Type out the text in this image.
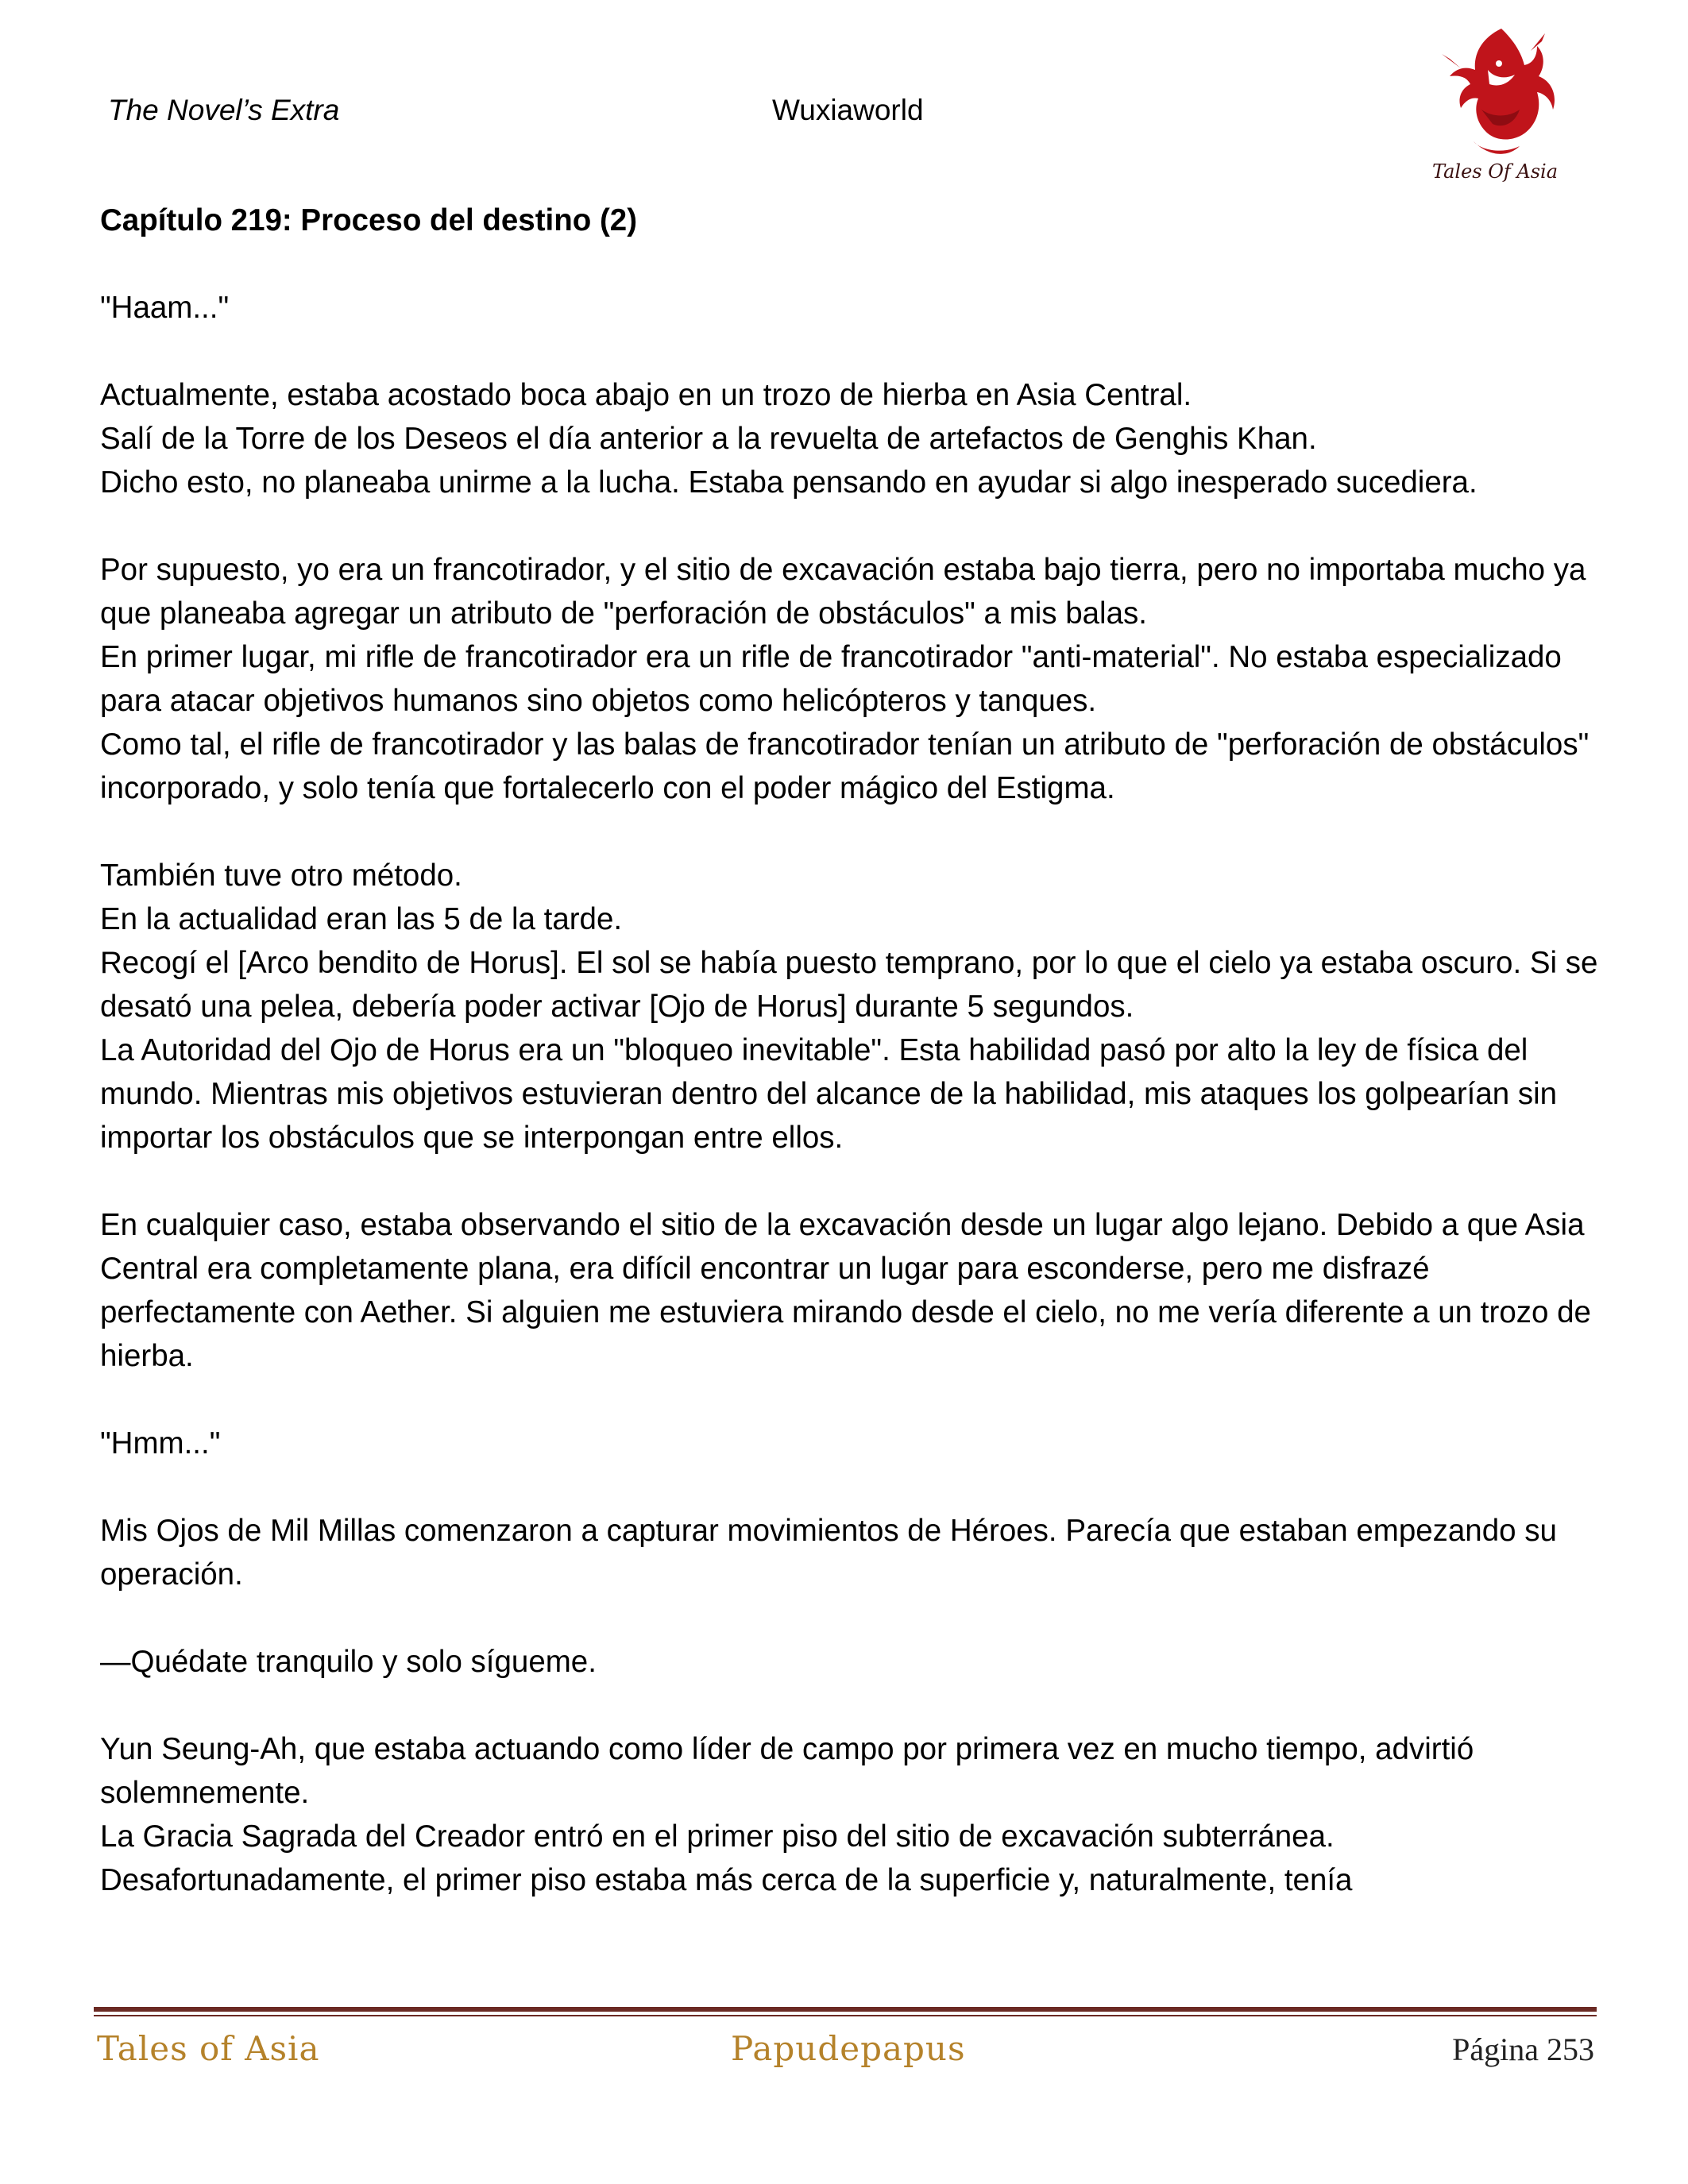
The Novel’s Extra	Wuxiaworld
Tales Of Asia

Capítulo 219: Proceso del destino (2)

"Haam..."

Actualmente, estaba acostado boca abajo en un trozo de hierba en Asia Central.

Salí de la Torre de los Deseos el día anterior a la revuelta de artefactos de Genghis Khan.

Dicho esto, no planeaba unirme a la lucha. Estaba pensando en ayudar si algo inesperado sucediera.

Por supuesto, yo era un francotirador, y el sitio de excavación estaba bajo tierra, pero no importaba mucho ya que planeaba agregar un atributo de "perforación de obstáculos" a mis balas.

En primer lugar, mi rifle de francotirador era un rifle de francotirador "anti-material". No estaba especializado para atacar objetivos humanos sino objetos como helicópteros y tanques.

Como tal, el rifle de francotirador y las balas de francotirador tenían un atributo de "perforación de obstáculos" incorporado, y solo tenía que fortalecerlo con el poder mágico del Estigma.

También tuve otro método.

En la actualidad eran las 5 de la tarde.

Recogí el [Arco bendito de Horus]. El sol se había puesto temprano, por lo que el cielo ya estaba oscuro. Si se desató una pelea, debería poder activar [Ojo de Horus] durante 5 segundos.

La Autoridad del Ojo de Horus era un "bloqueo inevitable". Esta habilidad pasó por alto la ley de física del mundo. Mientras mis objetivos estuvieran dentro del alcance de la habilidad, mis ataques los golpearían sin importar los obstáculos que se interpongan entre ellos.

En cualquier caso, estaba observando el sitio de la excavación desde un lugar algo lejano. Debido a que Asia Central era completamente plana, era difícil encontrar un lugar para esconderse, pero me disfrazé perfectamente con Aether. Si alguien me estuviera mirando desde el cielo, no me vería diferente a un trozo de hierba.

"Hmm..."

Mis Ojos de Mil Millas comenzaron a capturar movimientos de Héroes. Parecía que estaban empezando su operación.

—Quédate tranquilo y solo sígueme.

Yun Seung-Ah, que estaba actuando como líder de campo por primera vez en mucho tiempo, advirtió solemnemente.

La Gracia Sagrada del Creador entró en el primer piso del sitio de excavación subterránea.

Desafortunadamente, el primer piso estaba más cerca de la superficie y, naturalmente, tenía

Tales of Asia	Papudepapus	Página 253
